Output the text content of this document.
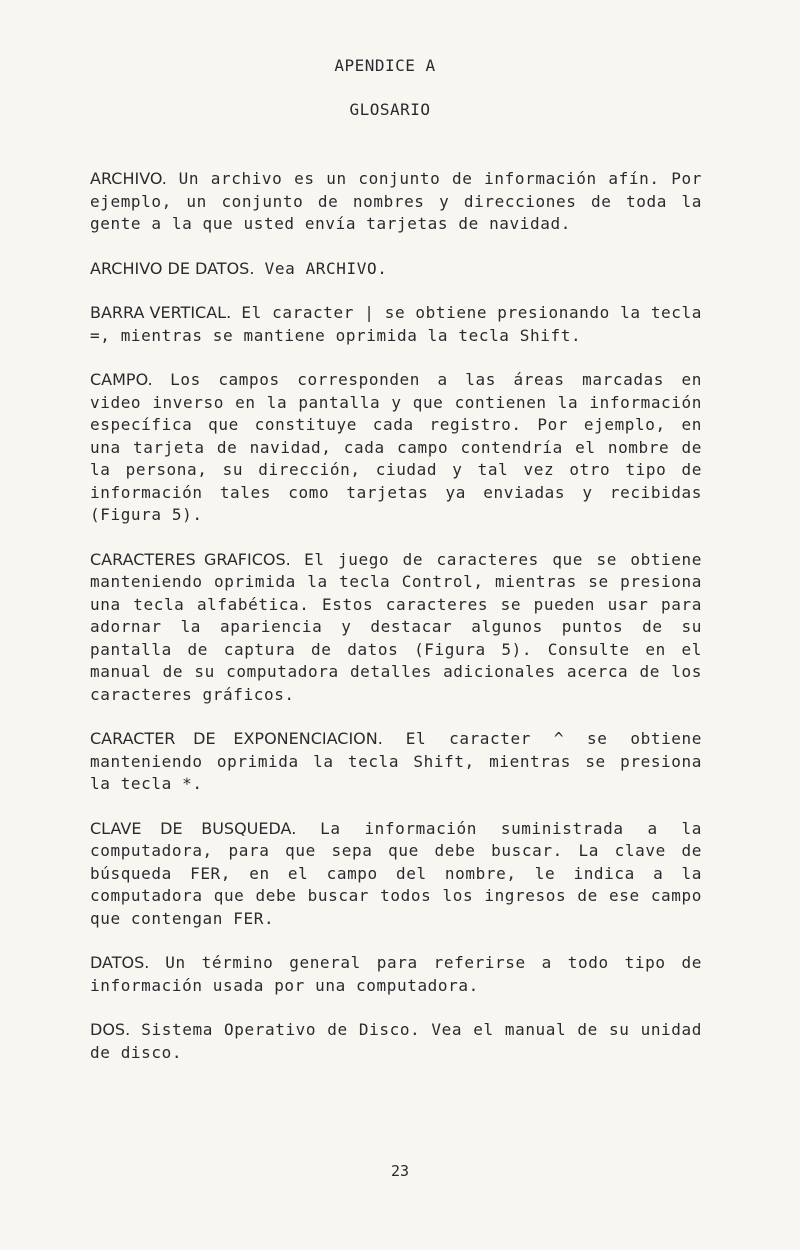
APENDICE A
GLOSARIO

ARCHIVO. Un archivo es un conjunto de información afín. Por ejemplo, un conjunto de nombres y direcciones de toda la gente a la que usted envía tarjetas de navidad.

ARCHIVO DE DATOS. Vea ARCHIVO.

BARRA VERTICAL. El caracter | se obtiene presionando la tecla =, mientras se mantiene oprimida la tecla Shift.

CAMPO. Los campos corresponden a las áreas marcadas en video inverso en la pantalla y que contienen la información específica que constituye cada registro. Por ejemplo, en una tarjeta de navidad, cada campo contendría el nombre de la persona, su dirección, ciudad y tal vez otro tipo de información tales como tarjetas ya enviadas y recibidas (Figura 5).

CARACTERES GRAFICOS. El juego de caracteres que se obtiene manteniendo oprimida la tecla Control, mientras se presiona una tecla alfabética. Estos caracteres se pueden usar para adornar la apariencia y destacar algunos puntos de su pantalla de captura de datos (Figura 5). Consulte en el manual de su computadora detalles adicionales acerca de los caracteres gráficos.

CARACTER DE EXPONENCIACION. El caracter ^ se obtiene manteniendo oprimida la tecla Shift, mientras se presiona la tecla *.

CLAVE DE BUSQUEDA. La información suministrada a la computadora, para que sepa que debe buscar. La clave de búsqueda FER, en el campo del nombre, le indica a la computadora que debe buscar todos los ingresos de ese campo que contengan FER.

DATOS. Un término general para referirse a todo tipo de información usada por una computadora.

DOS. Sistema Operativo de Disco. Vea el manual de su unidad de disco.

23
